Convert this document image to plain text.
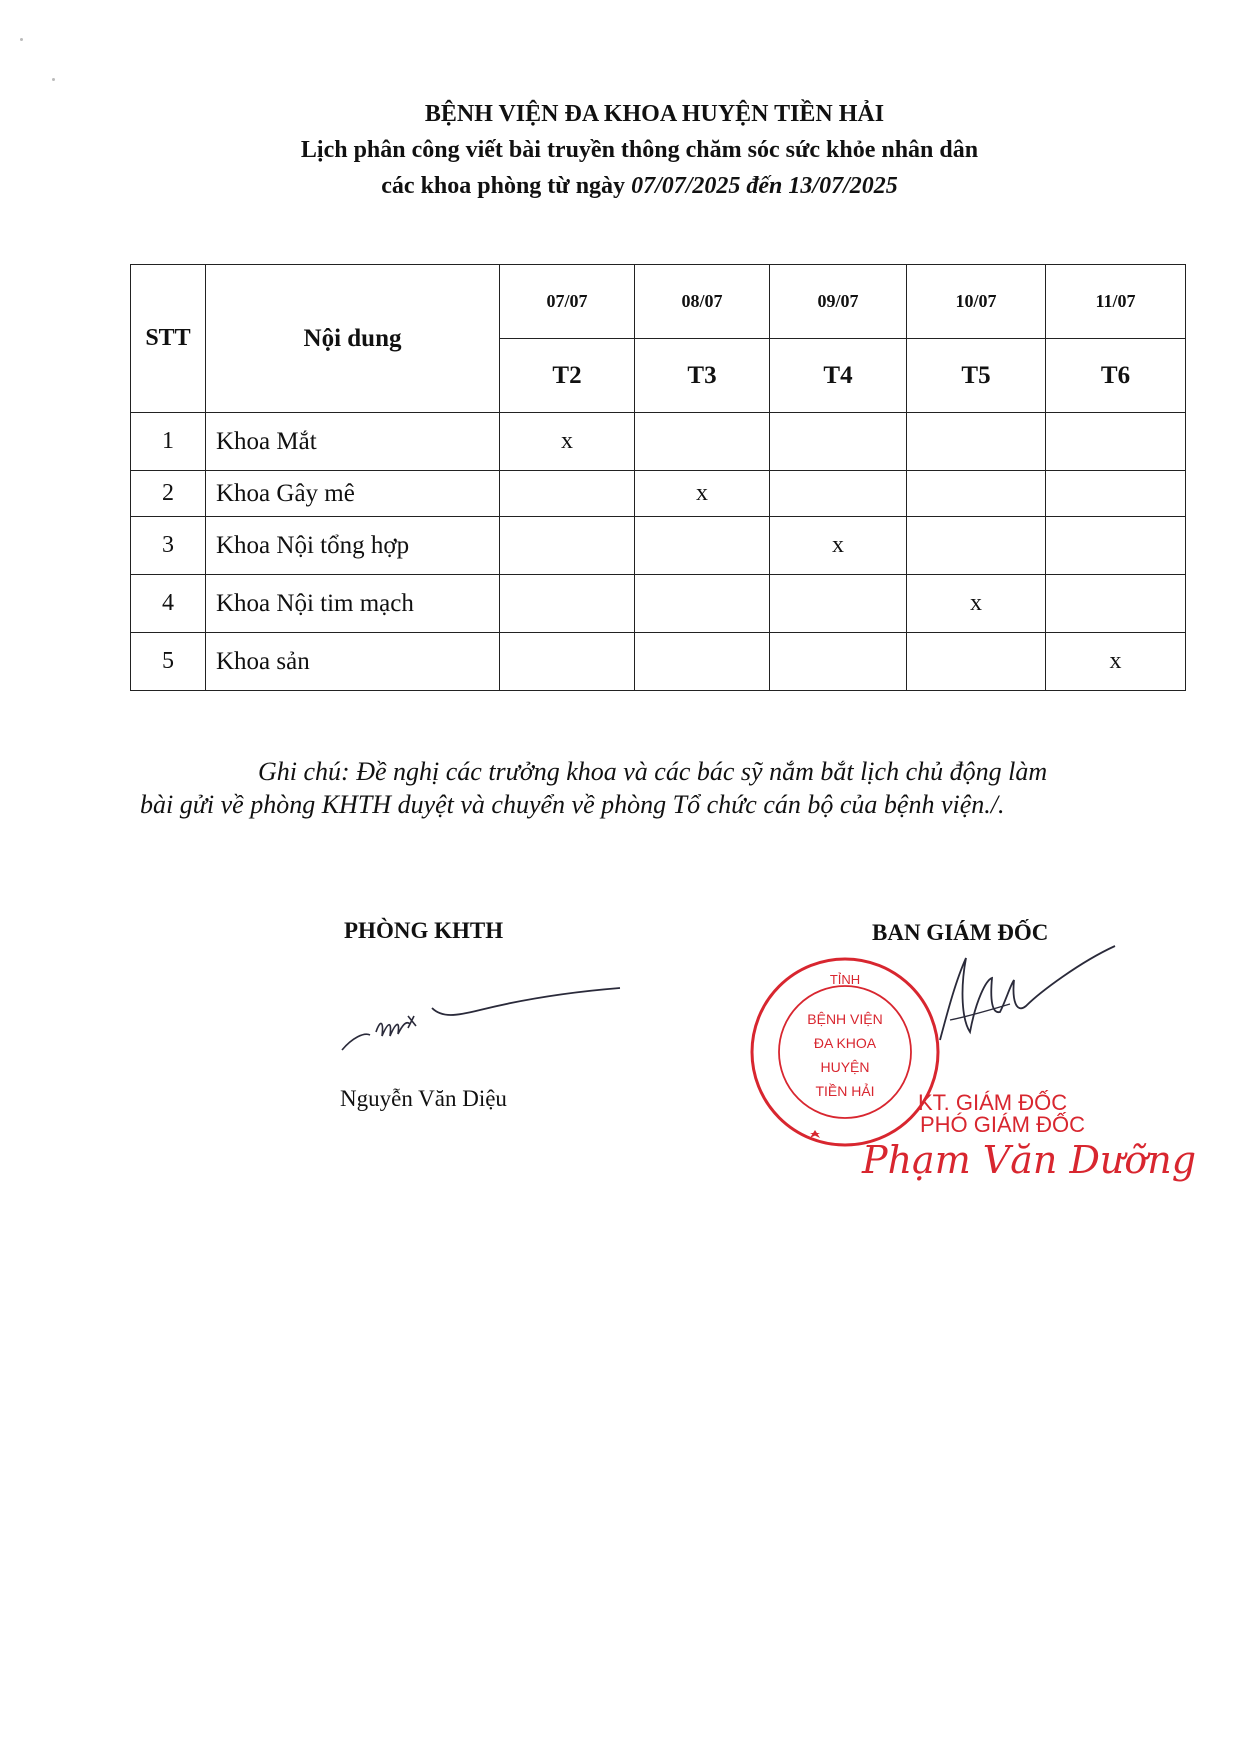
BỆNH VIỆN ĐA KHOA HUYỆN TIỀN HẢI
Lịch phân công viết bài truyền thông chăm sóc sức khỏe nhân dân
các khoa phòng từ ngày 07/07/2025 đến 13/07/2025
STT	Nội dung	07/07	08/07	09/07	10/07	11/07
		T2	T3	T4	T5	T6
1	Khoa Mắt	x				
2	Khoa Gây mê		x			
3	Khoa Nội tổng hợp			x		
4	Khoa Nội tim mạch				x	
5	Khoa sản					x
Ghi chú: Đề nghị các trưởng khoa và các bác sỹ nắm bắt lịch chủ động làm
bài gửi về phòng KHTH duyệt và chuyển về phòng Tổ chức cán bộ của bệnh viện./.
PHÒNG KHTH	BAN GIÁM ĐỐC
Nguyễn Văn Diệu
TỈNH
BỆNH VIỆN
ĐA KHOA
HUYỆN
TIỀN HẢI KT. GIÁM ĐỐC
PHÓ GIÁM ĐỐC
Phạm Văn Dưỡng
